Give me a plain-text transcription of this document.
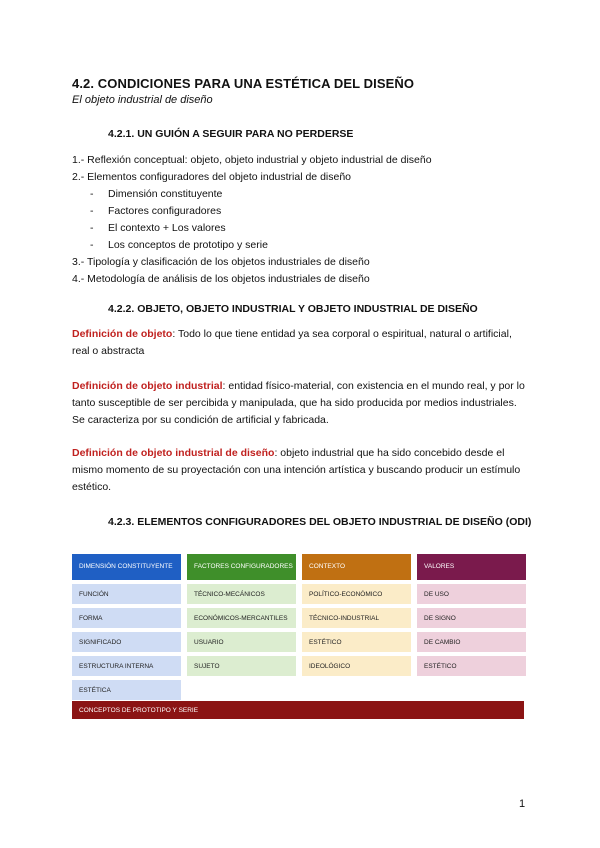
4.2. CONDICIONES PARA UNA ESTÉTICA DEL DISEÑO
El objeto industrial de diseño
4.2.1. UN GUIÓN A SEGUIR PARA NO PERDERSE
1.- Reflexión conceptual: objeto, objeto industrial y objeto industrial de diseño
2.- Elementos configuradores del objeto industrial de diseño
- Dimensión constituyente
- Factores configuradores
- El contexto + Los valores
- Los conceptos de prototipo y serie
3.- Tipología y clasificación de los objetos industriales de diseño
4.- Metodología de análisis de los objetos industriales de diseño
4.2.2. OBJETO, OBJETO INDUSTRIAL Y OBJETO INDUSTRIAL DE DISEÑO
Definición de objeto: Todo lo que tiene entidad ya sea corporal o espiritual, natural o artificial, real o abstracta
Definición de objeto industrial: entidad físico-material, con existencia en el mundo real, y por lo tanto susceptible de ser percibida y manipulada, que ha sido producida por medios industriales. Se caracteriza por su condición de artificial y fabricada.
Definición de objeto industrial de diseño: objeto industrial que ha sido concebido desde el mismo momento de su proyectación con una intención artística y buscando producir un estímulo estético.
4.2.3. ELEMENTOS CONFIGURADORES DEL OBJETO INDUSTRIAL DE DISEÑO (ODI)
DIMENSIÓN CONSTITUYENTE
FUNCIÓN
FORMA
SIGNIFICADO
ESTRUCTURA INTERNA
ESTÉTICA
FACTORES CONFIGURADORES
TÉCNICO-MECÁNICOS
ECONÓMICOS-MERCANTILES
USUARIO
SUJETO
CONTEXTO
POLÍTICO-ECONÓMICO
TÉCNICO-INDUSTRIAL
ESTÉTICO
IDEOLÓGICO
VALORES
DE USO
DE SIGNO
DE CAMBIO
ESTÉTICO
CONCEPTOS DE PROTOTIPO Y SERIE
1
